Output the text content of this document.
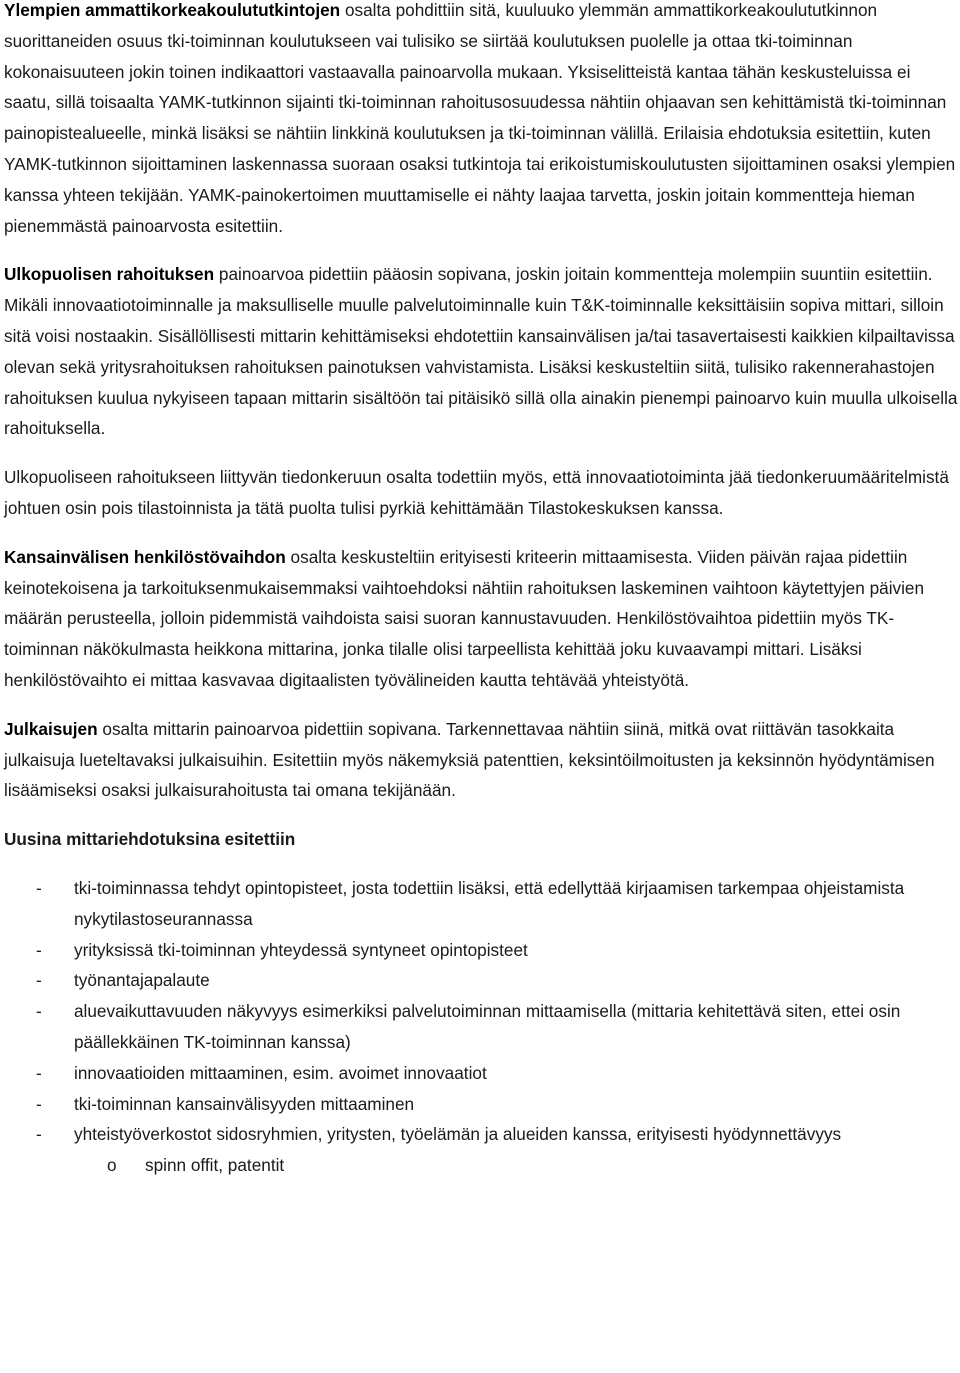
Ylempien ammattikorkeakoulututkintojen osalta pohdittiin sitä, kuuluuko ylemmän ammattikorkeakoulututkinnon suorittaneiden osuus tki-toiminnan koulutukseen vai tulisiko se siirtää koulutuksen puolelle ja ottaa tki-toiminnan kokonaisuuteen jokin toinen indikaattori vastaavalla painoarvolla mukaan. Yksiselitteistä kantaa tähän keskusteluissa ei saatu, sillä toisaalta YAMK-tutkinnon sijainti tki-toiminnan rahoitusosuudessa nähtiin ohjaavan sen kehittämistä tki-toiminnan painopistealueelle, minkä lisäksi se nähtiin linkkinä koulutuksen ja tki-toiminnan välillä. Erilaisia ehdotuksia esitettiin, kuten YAMK-tutkinnon sijoittaminen laskennassa suoraan osaksi tutkintoja tai erikoistumiskoulutusten sijoittaminen osaksi ylempien kanssa yhteen tekijään. YAMK-painokertoimen muuttamiselle ei nähty laajaa tarvetta, joskin joitain kommentteja hieman pienemmästä painoarvosta esitettiin.

Ulkopuolisen rahoituksen painoarvoa pidettiin pääosin sopivana, joskin joitain kommentteja molempiin suuntiin esitettiin. Mikäli innovaatiotoiminnalle ja maksulliselle muulle palvelutoiminnalle kuin T&K-toiminnalle keksittäisiin sopiva mittari, silloin sitä voisi nostaakin. Sisällöllisesti mittarin kehittämiseksi ehdotettiin kansainvälisen ja/tai tasavertaisesti kaikkien kilpailtavissa olevan sekä yritysrahoituksen rahoituksen painotuksen vahvistamista. Lisäksi keskusteltiin siitä, tulisiko rakennerahastojen rahoituksen kuulua nykyiseen tapaan mittarin sisältöön tai pitäisikö sillä olla ainakin pienempi painoarvo kuin muulla ulkoisella rahoituksella.

Ulkopuoliseen rahoitukseen liittyvän tiedonkeruun osalta todettiin myös, että innovaatiotoiminta jää tiedonkeruumääritelmistä johtuen osin pois tilastoinnista ja tätä puolta tulisi pyrkiä kehittämään Tilastokeskuksen kanssa.

Kansainvälisen henkilöstövaihdon osalta keskusteltiin erityisesti kriteerin mittaamisesta. Viiden päivän rajaa pidettiin keinotekoisena ja tarkoituksenmukaisemmaksi vaihtoehdoksi nähtiin rahoituksen laskeminen vaihtoon käytettyjen päivien määrän perusteella, jolloin pidemmistä vaihdoista saisi suoran kannustavuuden. Henkilöstövaihtoa pidettiin myös TK-toiminnan näkökulmasta heikkona mittarina, jonka tilalle olisi tarpeellista kehittää joku kuvaavampi mittari. Lisäksi henkilöstövaihto ei mittaa kasvavaa digitaalisten työvälineiden kautta tehtävää yhteistyötä.

Julkaisujen osalta mittarin painoarvoa pidettiin sopivana. Tarkennettavaa nähtiin siinä, mitkä ovat riittävän tasokkaita julkaisuja lueteltavaksi julkaisuihin. Esitettiin myös näkemyksiä patenttien, keksintöilmoitusten ja keksinnön hyödyntämisen lisäämiseksi osaksi julkaisurahoitusta tai omana tekijänään.

Uusina mittariehdotuksina esitettiin

- tki-toiminnassa tehdyt opintopisteet, josta todettiin lisäksi, että edellyttää kirjaamisen tarkempaa ohjeistamista nykytilastoseurannassa
- yrityksissä tki-toiminnan yhteydessä syntyneet opintopisteet
- työnantajapalaute
- aluevaikuttavuuden näkyvyys esimerkiksi palvelutoiminnan mittaamisella (mittaria kehitettävä siten, ettei osin päällekkäinen TK-toiminnan kanssa)
- innovaatioiden mittaaminen, esim. avoimet innovaatiot
- tki-toiminnan kansainvälisyyden mittaaminen
- yhteistyöverkostot sidosryhmien, yritysten, työelämän ja alueiden kanssa, erityisesti hyödynnettävyys
o spinn offit, patentit
